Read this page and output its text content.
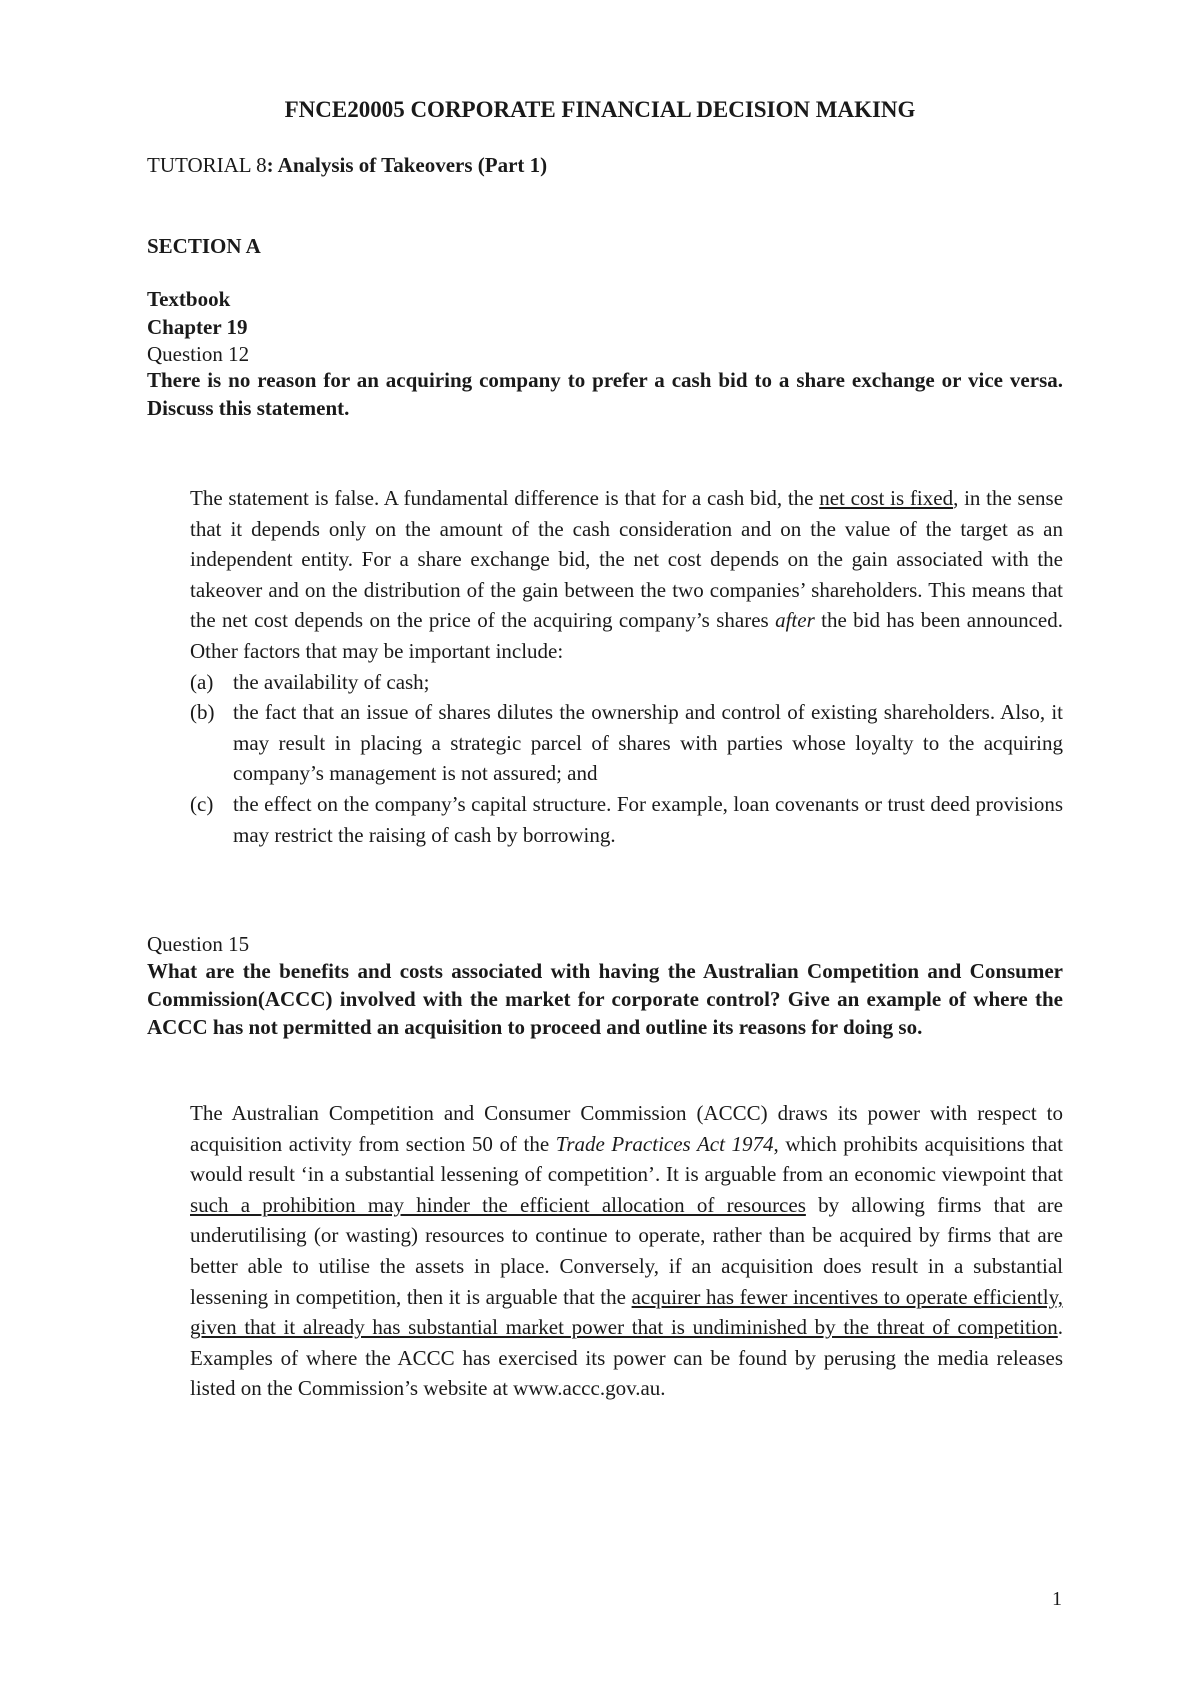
FNCE20005 CORPORATE FINANCIAL DECISION MAKING
TUTORIAL 8: Analysis of Takeovers (Part 1)
SECTION A
Textbook
Chapter 19
Question 12
There is no reason for an acquiring company to prefer a cash bid to a share exchange or vice versa. Discuss this statement.

The statement is false. A fundamental difference is that for a cash bid, the net cost is fixed, in the sense that it depends only on the amount of the cash consideration and on the value of the target as an independent entity. For a share exchange bid, the net cost depends on the gain associated with the takeover and on the distribution of the gain between the two companies’ shareholders. This means that the net cost depends on the price of the acquiring company’s shares after the bid has been announced. Other factors that may be important include:

(a) the availability of cash;
(b) the fact that an issue of shares dilutes the ownership and control of existing shareholders. Also, it may result in placing a strategic parcel of shares with parties whose loyalty to the acquiring company’s management is not assured; and
(c) the effect on the company’s capital structure. For example, loan covenants or trust deed provisions may restrict the raising of cash by borrowing.
Question 15
What are the benefits and costs associated with having the Australian Competition and Consumer Commission(ACCC) involved with the market for corporate control? Give an example of where the ACCC has not permitted an acquisition to proceed and outline its reasons for doing so.

The Australian Competition and Consumer Commission (ACCC) draws its power with respect to acquisition activity from section 50 of the Trade Practices Act 1974, which prohibits acquisitions that would result ‘in a substantial lessening of competition’. It is arguable from an economic viewpoint that such a prohibition may hinder the efficient allocation of resources by allowing firms that are underutilising (or wasting) resources to continue to operate, rather than be acquired by firms that are better able to utilise the assets in place. Conversely, if an acquisition does result in a substantial lessening in competition, then it is arguable that the acquirer has fewer incentives to operate efficiently, given that it already has substantial market power that is undiminished by the threat of competition. Examples of where the ACCC has exercised its power can be found by perusing the media releases listed on the Commission’s website at www.accc.gov.au.

1
